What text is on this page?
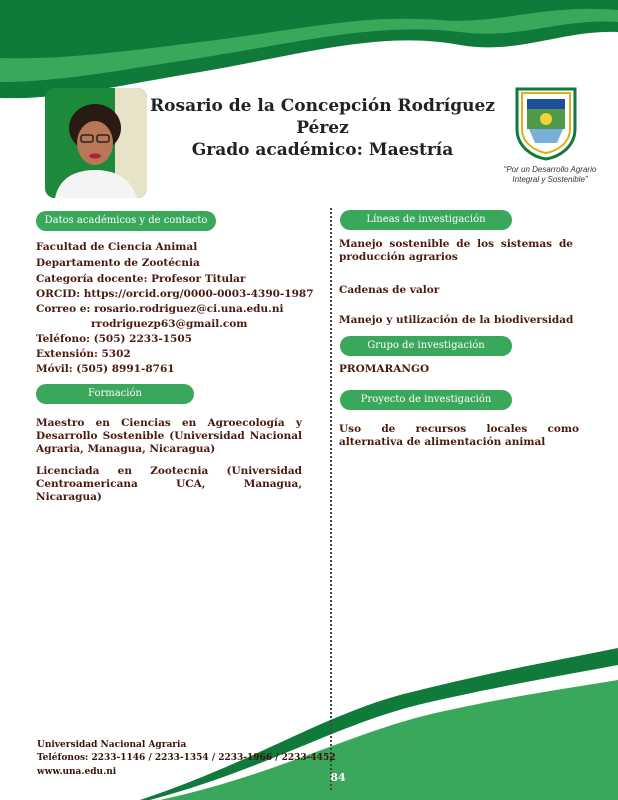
Rosario de la Concepción Rodríguez Pérez
Grado académico: Maestría
“Por un Desarrollo Agrario
Integral y Sostenible”
Datos académicos y de contacto
Facultad de Ciencia Animal
Departamento de Zootécnia
Categoría docente: Profesor Titular
ORCID: https://orcid.org/0000-0003-4390-1987
Correo e: rosario.rodriguez@ci.una.edu.ni
rrodriguezp63@gmail.com
Teléfono: (505) 2233-1505
Extensión: 5302
Móvil: (505) 8991-8761
Formación
Maestro en Ciencias en Agroecología y Desarrollo Sostenible (Universidad Nacional Agraria, Managua, Nicaragua)
Licenciada en Zootecnia (Universidad Centroamericana UCA, Managua, Nicaragua)
Líneas de investigación
Manejo sostenible de los sistemas de producción agrarios
Cadenas de valor
Manejo y utilización de la biodiversidad
Grupo de investigación
PROMARANGO
Proyecto de investigación
Uso de recursos locales como alternativa de alimentación animal
Universidad Nacional Agraria
Teléfonos: 2233-1146 / 2233-1354 / 2233-1966 / 2233-4452
www.una.edu.ni	84
